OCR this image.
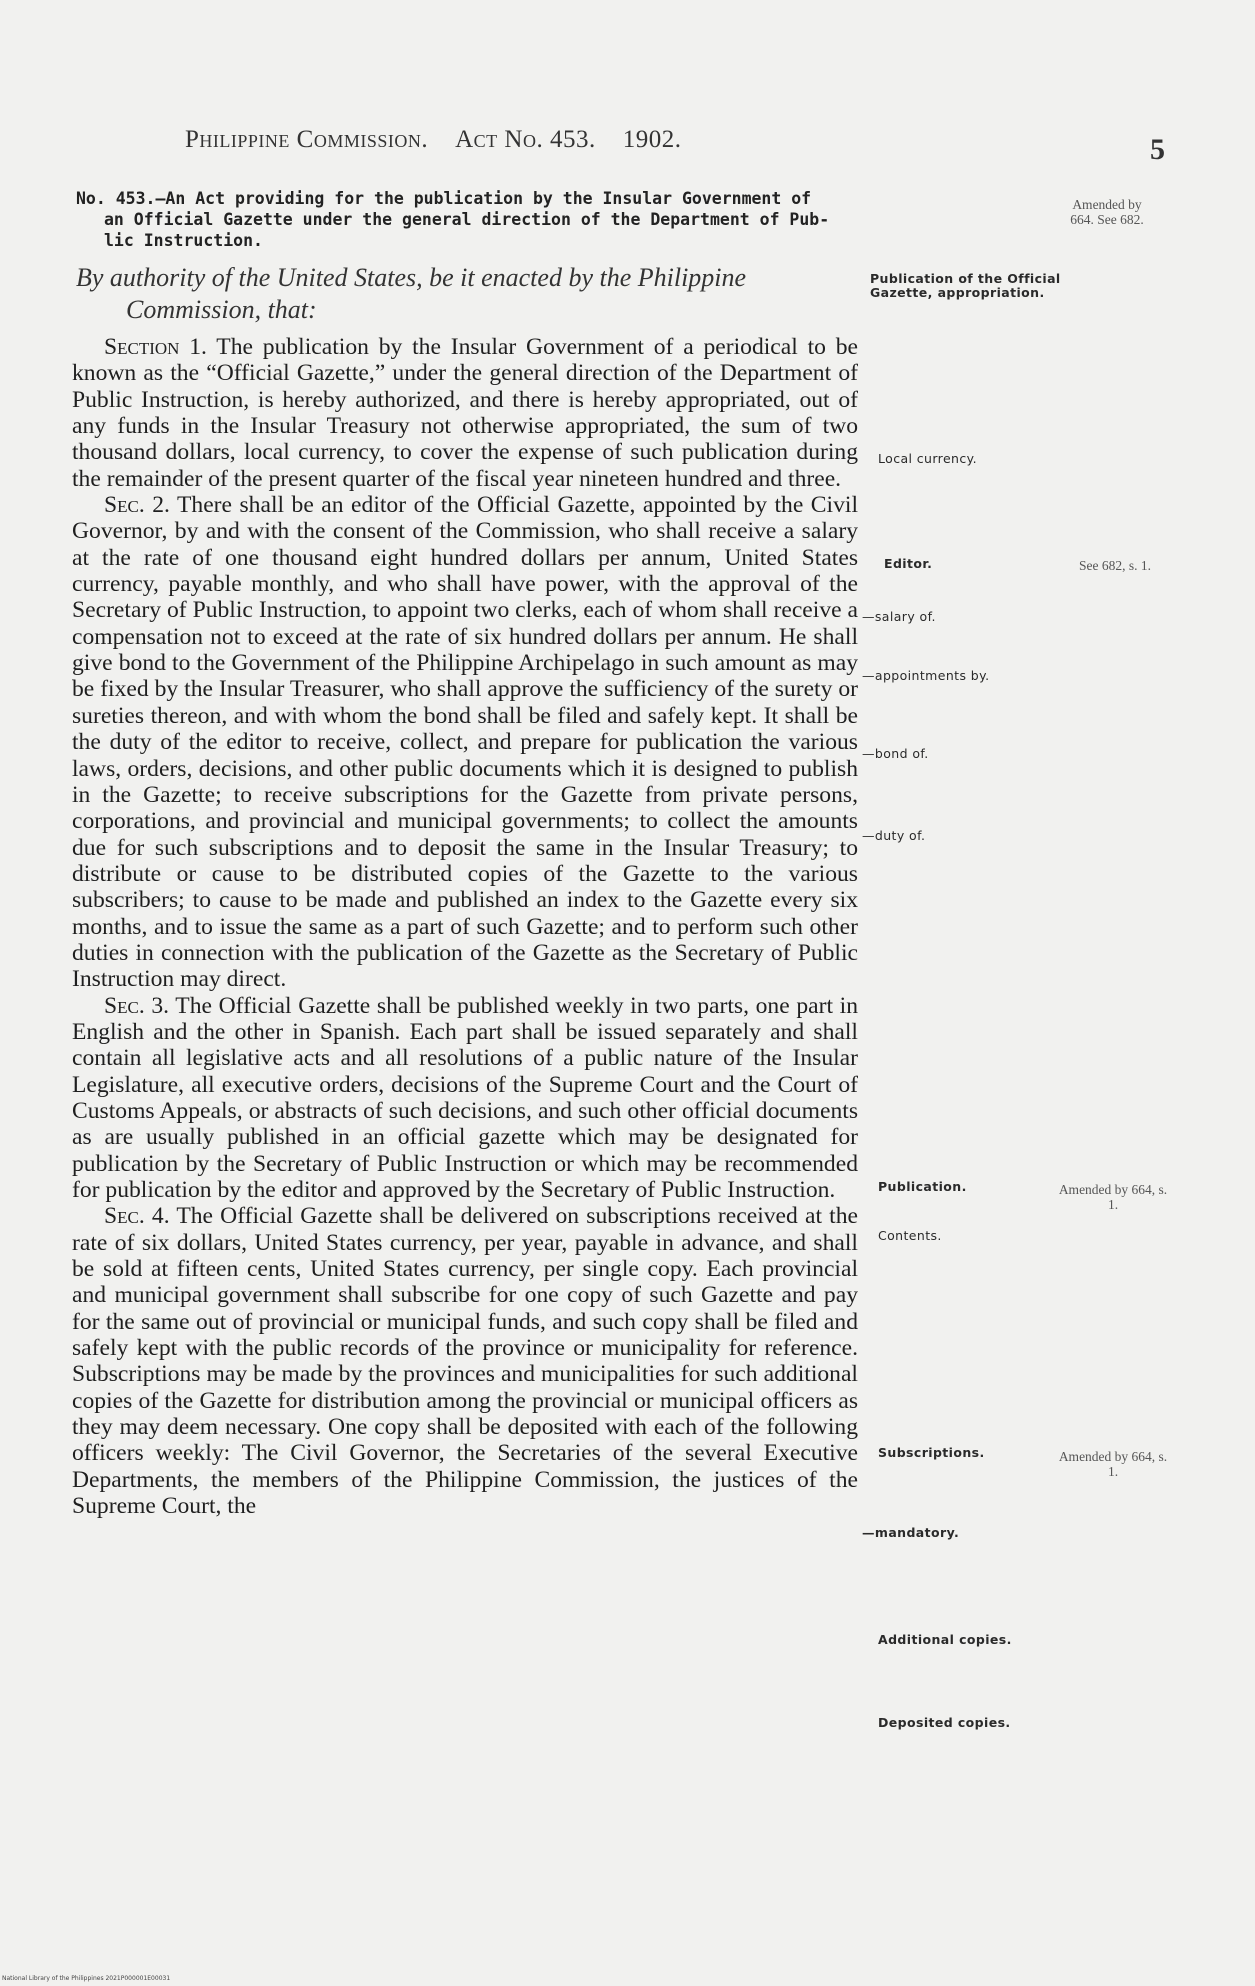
Philippine Commission. Act No. 453. 1902.	5
No. 453.—An Act providing for the publication by the Insular Government of
an Official Gazette under the general direction of the Department of Pub-
lic Instruction.
By authority of the United States, be it enacted by the Philippine
Commission, that:

Section 1. The publication by the Insular Government of a periodical to be known as the “Official Gazette,” under the general direction of the Department of Public Instruction, is hereby authorized, and there is hereby appropriated, out of any funds in the Insular Treasury not otherwise appropriated, the sum of two thousand dollars, local currency, to cover the expense of such publication during the remainder of the present quarter of the fiscal year nineteen hundred and three.

Sec. 2. There shall be an editor of the Official Gazette, appointed by the Civil Governor, by and with the consent of the Commission, who shall receive a salary at the rate of one thousand eight hundred dollars per annum, United States currency, payable monthly, and who shall have power, with the approval of the Secretary of Public Instruction, to appoint two clerks, each of whom shall receive a compensation not to exceed at the rate of six hundred dollars per annum. He shall give bond to the Government of the Philippine Archipelago in such amount as may be fixed by the Insular Treasurer, who shall approve the sufficiency of the surety or sureties thereon, and with whom the bond shall be filed and safely kept. It shall be the duty of the editor to receive, collect, and prepare for publication the various laws, orders, decisions, and other public documents which it is designed to publish in the Gazette; to receive subscriptions for the Gazette from private persons, corporations, and provincial and municipal governments; to collect the amounts due for such subscriptions and to deposit the same in the Insular Treasury; to distribute or cause to be distributed copies of the Gazette to the various subscribers; to cause to be made and published an index to the Gazette every six months, and to issue the same as a part of such Gazette; and to perform such other duties in connection with the publication of the Gazette as the Secretary of Public Instruction may direct.

Sec. 3. The Official Gazette shall be published weekly in two parts, one part in English and the other in Spanish. Each part shall be issued separately and shall contain all legislative acts and all resolutions of a public nature of the Insular Legislature, all executive orders, decisions of the Supreme Court and the Court of Customs Appeals, or abstracts of such decisions, and such other official documents as are usually published in an official gazette which may be designated for publication by the Secretary of Public Instruction or which may be recommended for publication by the editor and approved by the Secretary of Public Instruction.

Sec. 4. The Official Gazette shall be delivered on subscriptions received at the rate of six dollars, United States currency, per year, payable in advance, and shall be sold at fifteen cents, United States currency, per single copy. Each provincial and municipal government shall subscribe for one copy of such Gazette and pay for the same out of provincial or municipal funds, and such copy shall be filed and safely kept with the public records of the province or municipality for reference. Subscriptions may be made by the provinces and municipalities for such additional copies of the Gazette for distribution among the provincial or municipal officers as they may deem necessary. One copy shall be deposited with each of the following officers weekly: The Civil Governor, the Secretaries of the several Executive Departments, the members of the Philippine Commission, the justices of the Supreme Court, the

Publication of the Official Gazette, appropriation.
Local currency.
Editor.
—salary of.
—appointments by.
—bond of.
—duty of.
Publication.
Contents.
Subscriptions.
—mandatory.
Additional copies.
Deposited copies.
Amended by 664. See 682.
See 682, s. 1.
Amended by 664, s. 1.
Amended by 664, s. 1.
National Library of the Philippines 2021P000001E00031
